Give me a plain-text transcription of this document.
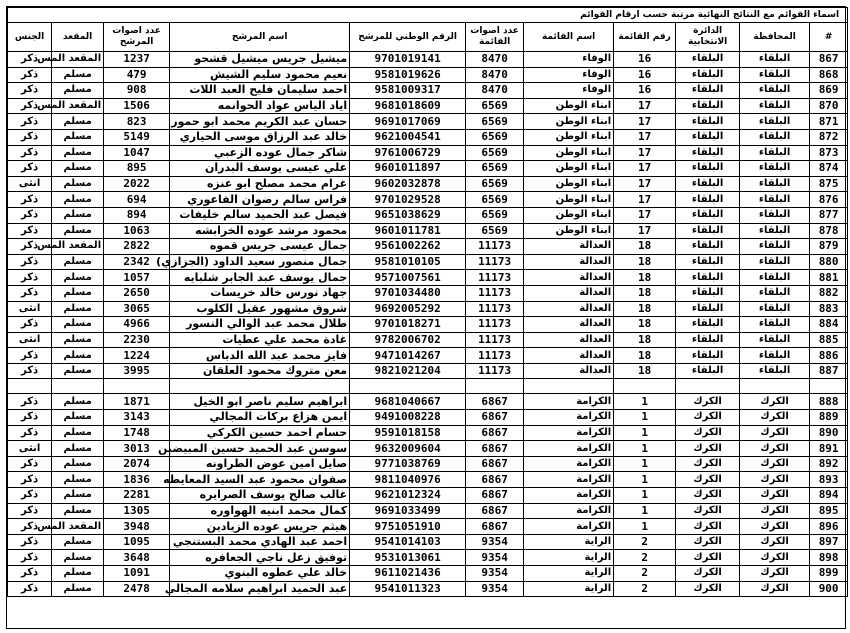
اسماء القوائم مع النتائج النهائية مرتبة حسب ارقام القوائم										
#	المحافظة	الدائرة الانتخابية	رقم القائمة	اسم القائمة	عدد اصوات القائمة	الرقم الوطني للمرشح	اسم المرشح	عدد اصوات المرشح	المقعد	الجنس
867	البلقاء	البلقاء	16	الوفاء	8470	9701019141	ميشيل جريس ميشيل قشحو	1237	المقعد المس	ذكر
868	البلقاء	البلقاء	16	الوفاء	8470	9581019626	نعيم محمود سليم الشيش	479	مسلم	ذكر
869	البلقاء	البلقاء	16	الوفاء	8470	9581009317	احمد سليمان فليح العبد اللات	908	مسلم	ذكر
870	البلقاء	البلقاء	17	ابناء الوطن	6569	9681018609	اياد الياس عواد الحوانمه	1506	المقعد المس	ذكر
871	البلقاء	البلقاء	17	ابناء الوطن	6569	9691017069	حسان عبد الكريم محمد ابو حمور	823	مسلم	ذكر
872	البلقاء	البلقاء	17	ابناء الوطن	6569	9621004541	خالد عبد الرزاق موسى الحياري	5149	مسلم	ذكر
873	البلقاء	البلقاء	17	ابناء الوطن	6569	9761006729	شاكر جمال عوده الزعبي	1047	مسلم	ذكر
874	البلقاء	البلقاء	17	ابناء الوطن	6569	9601011897	علي عيسى يوسف البدران	895	مسلم	ذكر
875	البلقاء	البلقاء	17	ابناء الوطن	6569	9602032878	غرام محمد مصلح ابو عنزه	2022	مسلم	انثى
876	البلقاء	البلقاء	17	ابناء الوطن	6569	9701029528	فراس سالم رضوان الفاعوري	694	مسلم	ذكر
877	البلقاء	البلقاء	17	ابناء الوطن	6569	9651038629	فيصل عبد الحميد سالم خليفات	894	مسلم	ذكر
878	البلقاء	البلقاء	17	ابناء الوطن	6569	9601011781	محمود مرشد عوده الخرابشه	1063	مسلم	ذكر
879	البلقاء	البلقاء	18	العدالة	11173	9561002262	جمال عيسى جريس قموه	2822	المقعد المس	ذكر
880	البلقاء	البلقاء	18	العدالة	11173	9581010105	جمال منصور سعيد الداود (الجزازي)	2342	مسلم	ذكر
881	البلقاء	البلقاء	18	العدالة	11173	9571007561	جمال يوسف عبد الجابر شلبايه	1057	مسلم	ذكر
882	البلقاء	البلقاء	18	العدالة	11173	9701034480	جهاد نورس خالد خريسات	2650	مسلم	ذكر
883	البلقاء	البلقاء	18	العدالة	11173	9692005292	شروق مشهور عقيل الكلوب	3065	مسلم	انثى
884	البلقاء	البلقاء	18	العدالة	11173	9701018271	طلال محمد عبد الوالي النسور	4966	مسلم	ذكر
885	البلقاء	البلقاء	18	العدالة	11173	9782006702	غادة محمد علي عطيات	2230	مسلم	انثى
886	البلقاء	البلقاء	18	العدالة	11173	9471014267	فايز محمد عبد الله الدباس	1224	مسلم	ذكر
887	البلقاء	البلقاء	18	العدالة	11173	9821021204	معن متروك محمود العلقان	3995	مسلم	ذكر

888	الكرك	الكرك	1	الكرامة	6867	9681040667	ابراهيم سليم ناصر ابو الخيل	1871	مسلم	ذكر
889	الكرك	الكرك	1	الكرامة	6867	9491008228	ايمن هزاع بركات المجالي	3143	مسلم	ذكر
890	الكرك	الكرك	1	الكرامة	6867	9591018158	حسام احمد حسين الكركي	1748	مسلم	ذكر
891	الكرك	الكرك	1	الكرامة	6867	9632009604	سوسن عبد الحميد حسين المبيضين	3013	مسلم	انثى
892	الكرك	الكرك	1	الكرامة	6867	9771038769	صايل امين عوض الطراونه	2074	مسلم	ذكر
893	الكرك	الكرك	1	الكرامة	6867	9811040976	صفوان محمود عبد السيد المعايطه	1836	مسلم	ذكر
894	الكرك	الكرك	1	الكرامة	6867	9621012324	غالب صالح يوسف الصرايره	2281	مسلم	ذكر
895	الكرك	الكرك	1	الكرامة	6867	9691033499	كمال محمد ابنيه الهواوره	1305	مسلم	ذكر
896	الكرك	الكرك	1	الكرامة	6867	9751051910	هيثم جريس عوده الزيادين	3948	المقعد المس	ذكر
897	الكرك	الكرك	2	الراية	9354	9541014103	احمد عبد الهادي محمد البستنجي	1095	مسلم	ذكر
898	الكرك	الكرك	2	الراية	9354	9531013061	توفيق زعل ناجي الجعافره	3648	مسلم	ذكر
899	الكرك	الكرك	2	الراية	9354	9611021436	خالد علي عطوه البنوي	1091	مسلم	ذكر
900	الكرك	الكرك	2	الراية	9354	9541011323	عبد الحميد ابراهيم سلامه المجالي	2478	مسلم	ذكر
